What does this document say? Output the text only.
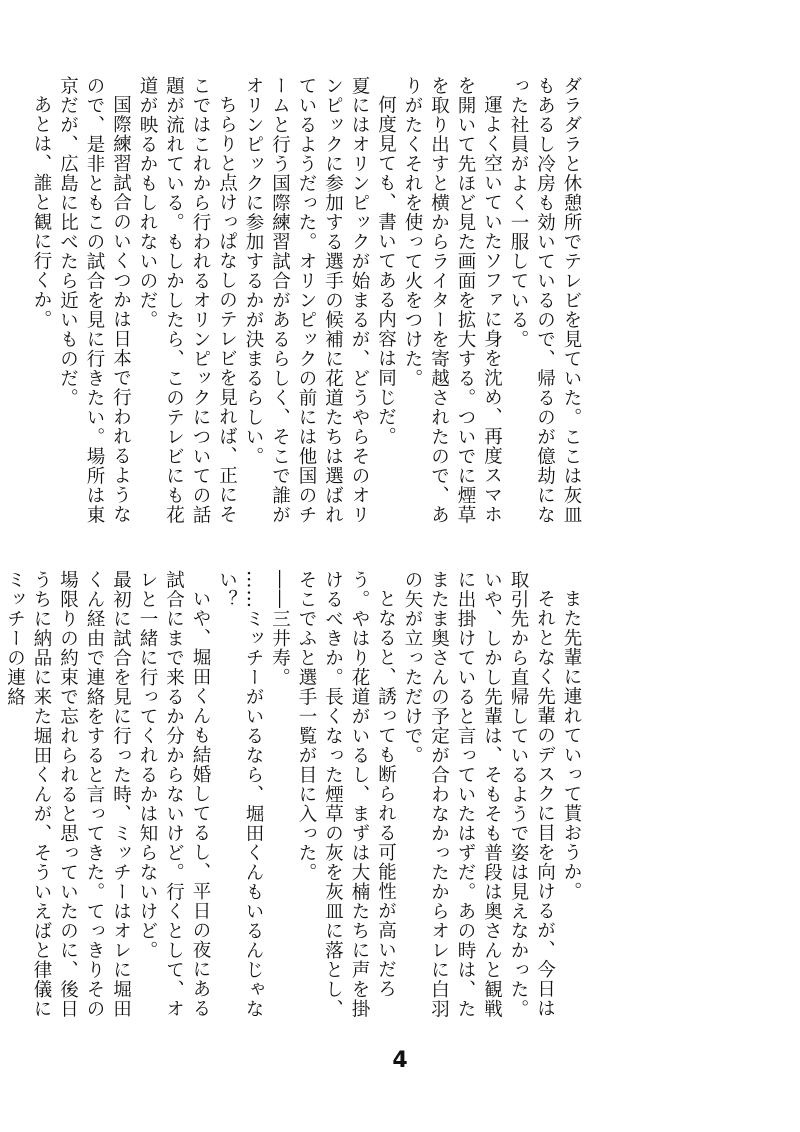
ダラダラと休憩所でテレビを見ていた。ここは灰皿もあるし冷房も効いているので、帰るのが億劫になった社員がよく一服している。

運よく空いていたソファに身を沈め、再度スマホを開いて先ほど見た画面を拡大する。ついでに煙草を取り出すと横からライターを寄越されたので、ありがたくそれを使って火をつけた。

何度見ても、書いてある内容は同じだ。

夏にはオリンピックが始まるが、どうやらそのオリンピックに参加する選手の候補に花道たちは選ばれているようだった。オリンピックの前には他国のチームと行う国際練習試合があるらしく、そこで誰がオリンピックに参加するかが決まるらしい。

ちらりと点けっぱなしのテレビを見れば、正にそこではこれから行われるオリンピックについての話題が流れている。もしかしたら、このテレビにも花道が映るかもしれないのだ。

国際練習試合のいくつかは日本で行われるようなので、是非ともこの試合を見に行きたい。場所は東京だが、広島に比べたら近いものだ。

あとは、誰と観に行くか。

また先輩に連れていって貰おうか。

それとなく先輩のデスクに目を向けるが、今日は取引先から直帰しているようで姿は見えなかった。

いや、しかし先輩は、そもそも普段は奥さんと観戦に出掛けていると言っていたはずだ。あの時は、たまたま奥さんの予定が合わなかったからオレに白羽の矢が立っただけで。

となると、誘っても断られる可能性が高いだろう。やはり花道がいるし、まずは大楠たちに声を掛けるべきか。長くなった煙草の灰を灰皿に落とし、そこでふと選手一覧が目に入った。

――三井寿。

……ミッチーがいるなら、堀田くんもいるんじゃない？

いや、堀田くんも結婚してるし、平日の夜にある試合にまで来るか分からないけど。行くとして、オレと一緒に行ってくれるかは知らないけど。

最初に試合を見に行った時、ミッチーはオレに堀田くん経由で連絡をすると言ってきた。てっきりその場限りの約束で忘れられると思っていたのに、後日うちに納品に来た堀田くんが、そういえばと律儀にミッチーの連絡

4
